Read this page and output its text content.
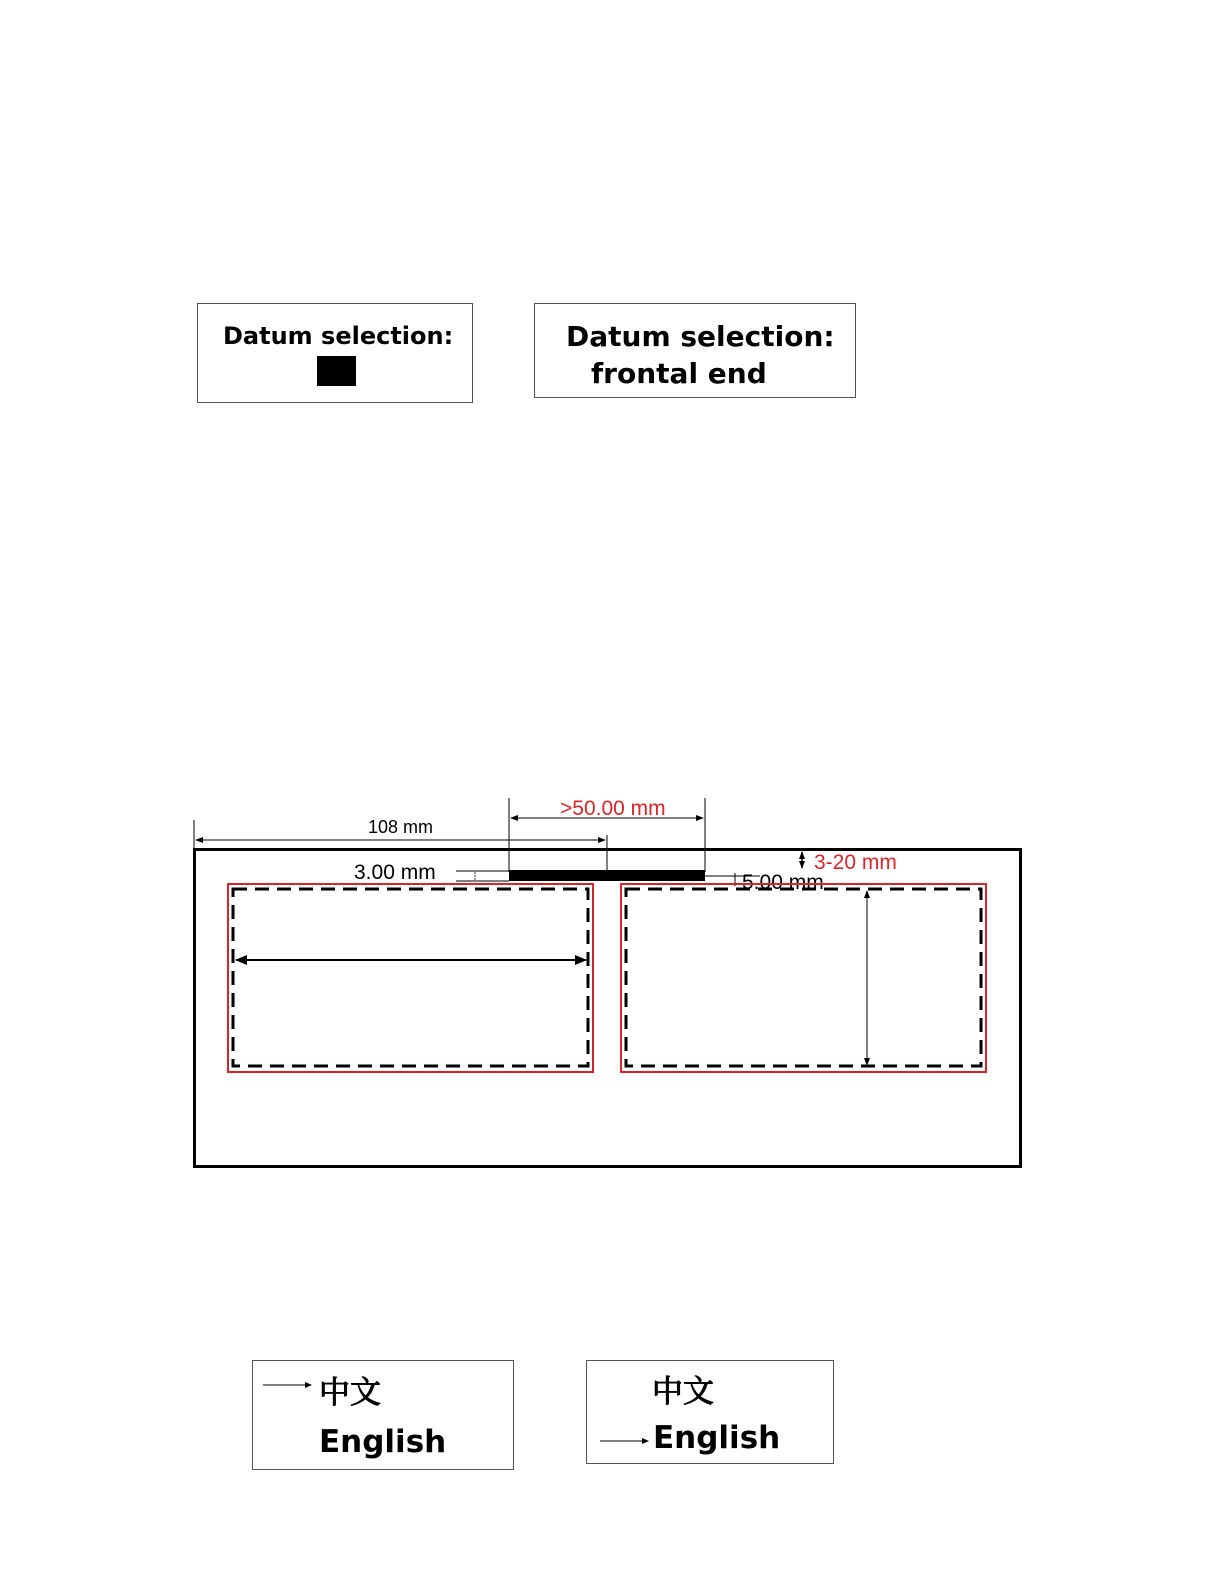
Datum selection:	Datum selection:
frontal end
108 mm
>50.00 mm
3-20 mm
3.00 mm	5.00 mm
中文
English
中文
English
